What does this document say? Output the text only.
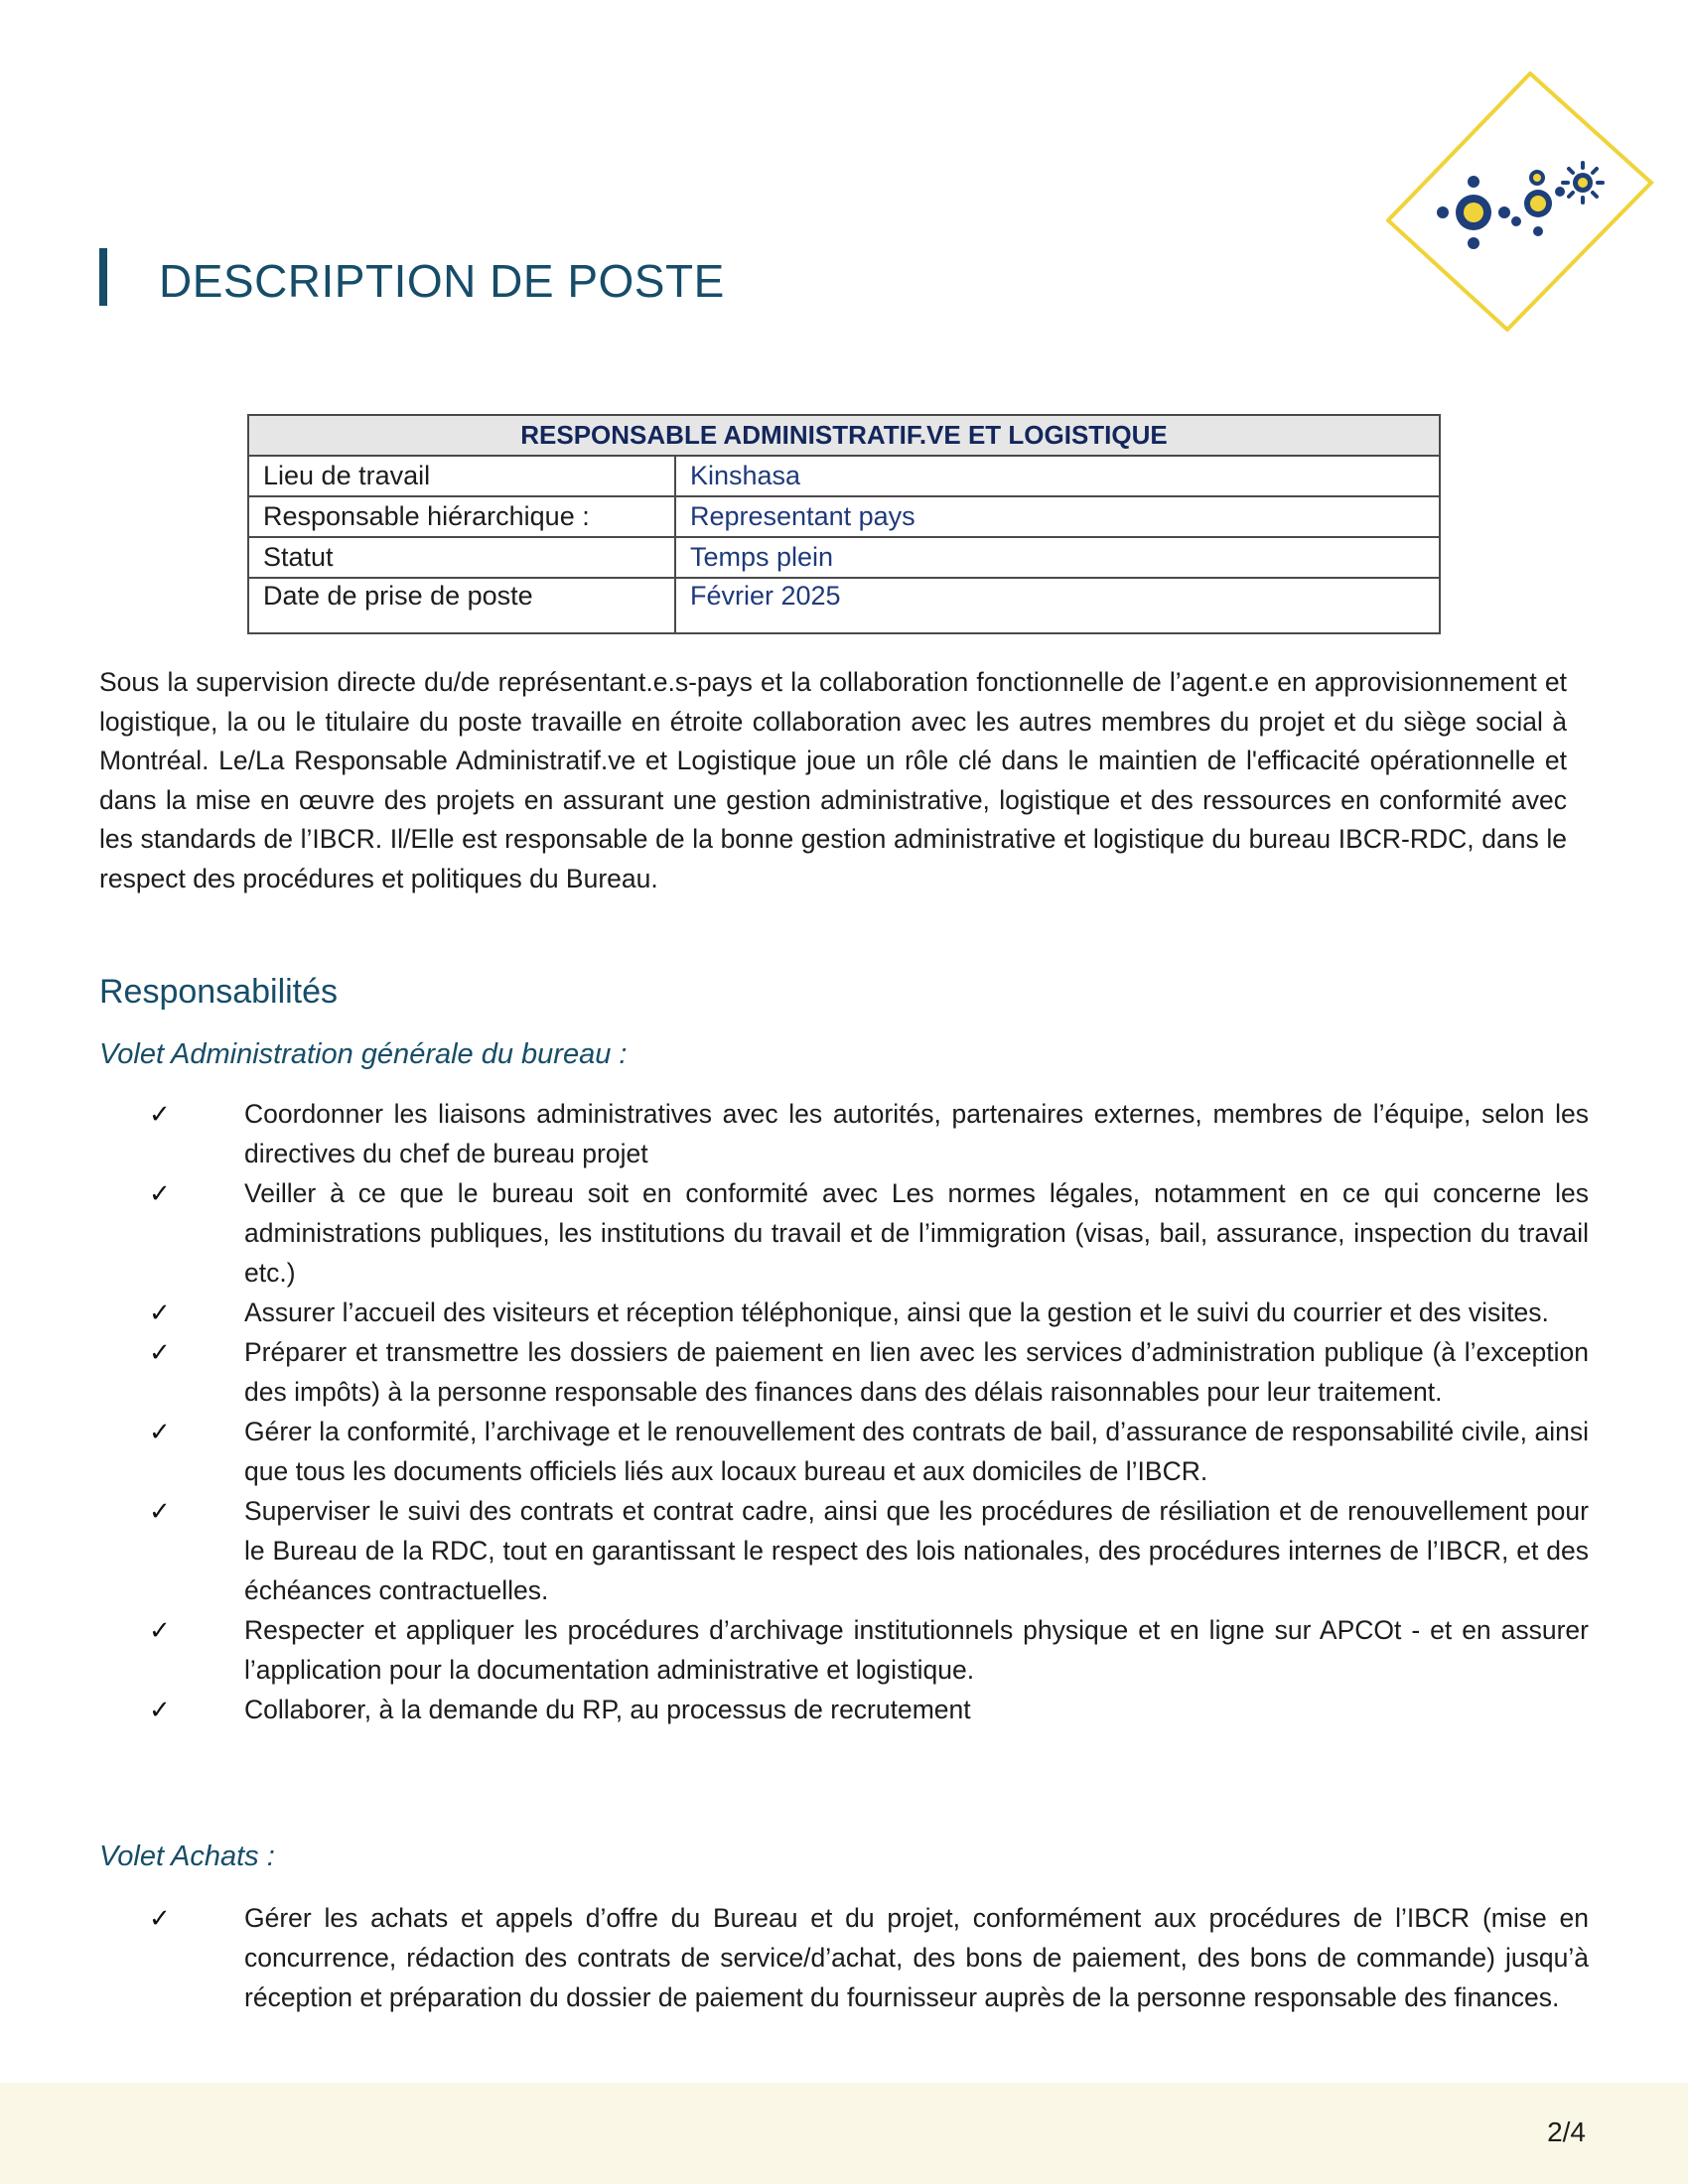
DESCRIPTION DE POSTE
RESPONSABLE ADMINISTRATIF.VE ET LOGISTIQUE	
Lieu de travail	Kinshasa
Responsable hiérarchique :	Representant pays
Statut	Temps plein
Date de prise de poste	Février 2025

Sous la supervision directe du/de représentant.e.s-pays et la collaboration fonctionnelle de l’agent.e en approvisionnement et logistique, la ou le titulaire du poste travaille en étroite collaboration avec les autres membres du projet et du siège social à Montréal. Le/La Responsable Administratif.ve et Logistique joue un rôle clé dans le maintien de l'efficacité opérationnelle et dans la mise en œuvre des projets en assurant une gestion administrative, logistique et des ressources en conformité avec les standards de l’IBCR. Il/Elle est responsable de la bonne gestion administrative et logistique du bureau IBCR-RDC, dans le respect des procédures et politiques du Bureau.

Responsabilités
Volet Administration générale du bureau :
✓	Coordonner les liaisons administratives avec les autorités, partenaires externes, membres de l’équipe, selon les directives du chef de bureau projet
✓	Veiller à ce que le bureau soit en conformité avec Les normes légales, notamment en ce qui concerne les administrations publiques, les institutions du travail et de l’immigration (visas, bail, assurance, inspection du travail etc.)
✓	Assurer l’accueil des visiteurs et réception téléphonique, ainsi que la gestion et le suivi du courrier et des visites.
✓	Préparer et transmettre les dossiers de paiement en lien avec les services d’administration publique (à l’exception des impôts) à la personne responsable des finances dans des délais raisonnables pour leur traitement.
✓	Gérer la conformité, l’archivage et le renouvellement des contrats de bail, d’assurance de responsabilité civile, ainsi que tous les documents officiels liés aux locaux bureau et aux domiciles de l’IBCR.
✓	Superviser le suivi des contrats et contrat cadre, ainsi que les procédures de résiliation et de renouvellement pour le Bureau de la RDC, tout en garantissant le respect des lois nationales, des procédures internes de l’IBCR, et des échéances contractuelles.
✓	Respecter et appliquer les procédures d’archivage institutionnels physique et en ligne sur APCOt - et en assurer l’application pour la documentation administrative et logistique.
✓	Collaborer, à la demande du RP, au processus de recrutement
Volet Achats :
✓	Gérer les achats et appels d’offre du Bureau et du projet, conformément aux procédures de l’IBCR (mise en concurrence, rédaction des contrats de service/d’achat, des bons de paiement, des bons de commande) jusqu’à réception et préparation du dossier de paiement du fournisseur auprès de la personne responsable des finances.
2/4
